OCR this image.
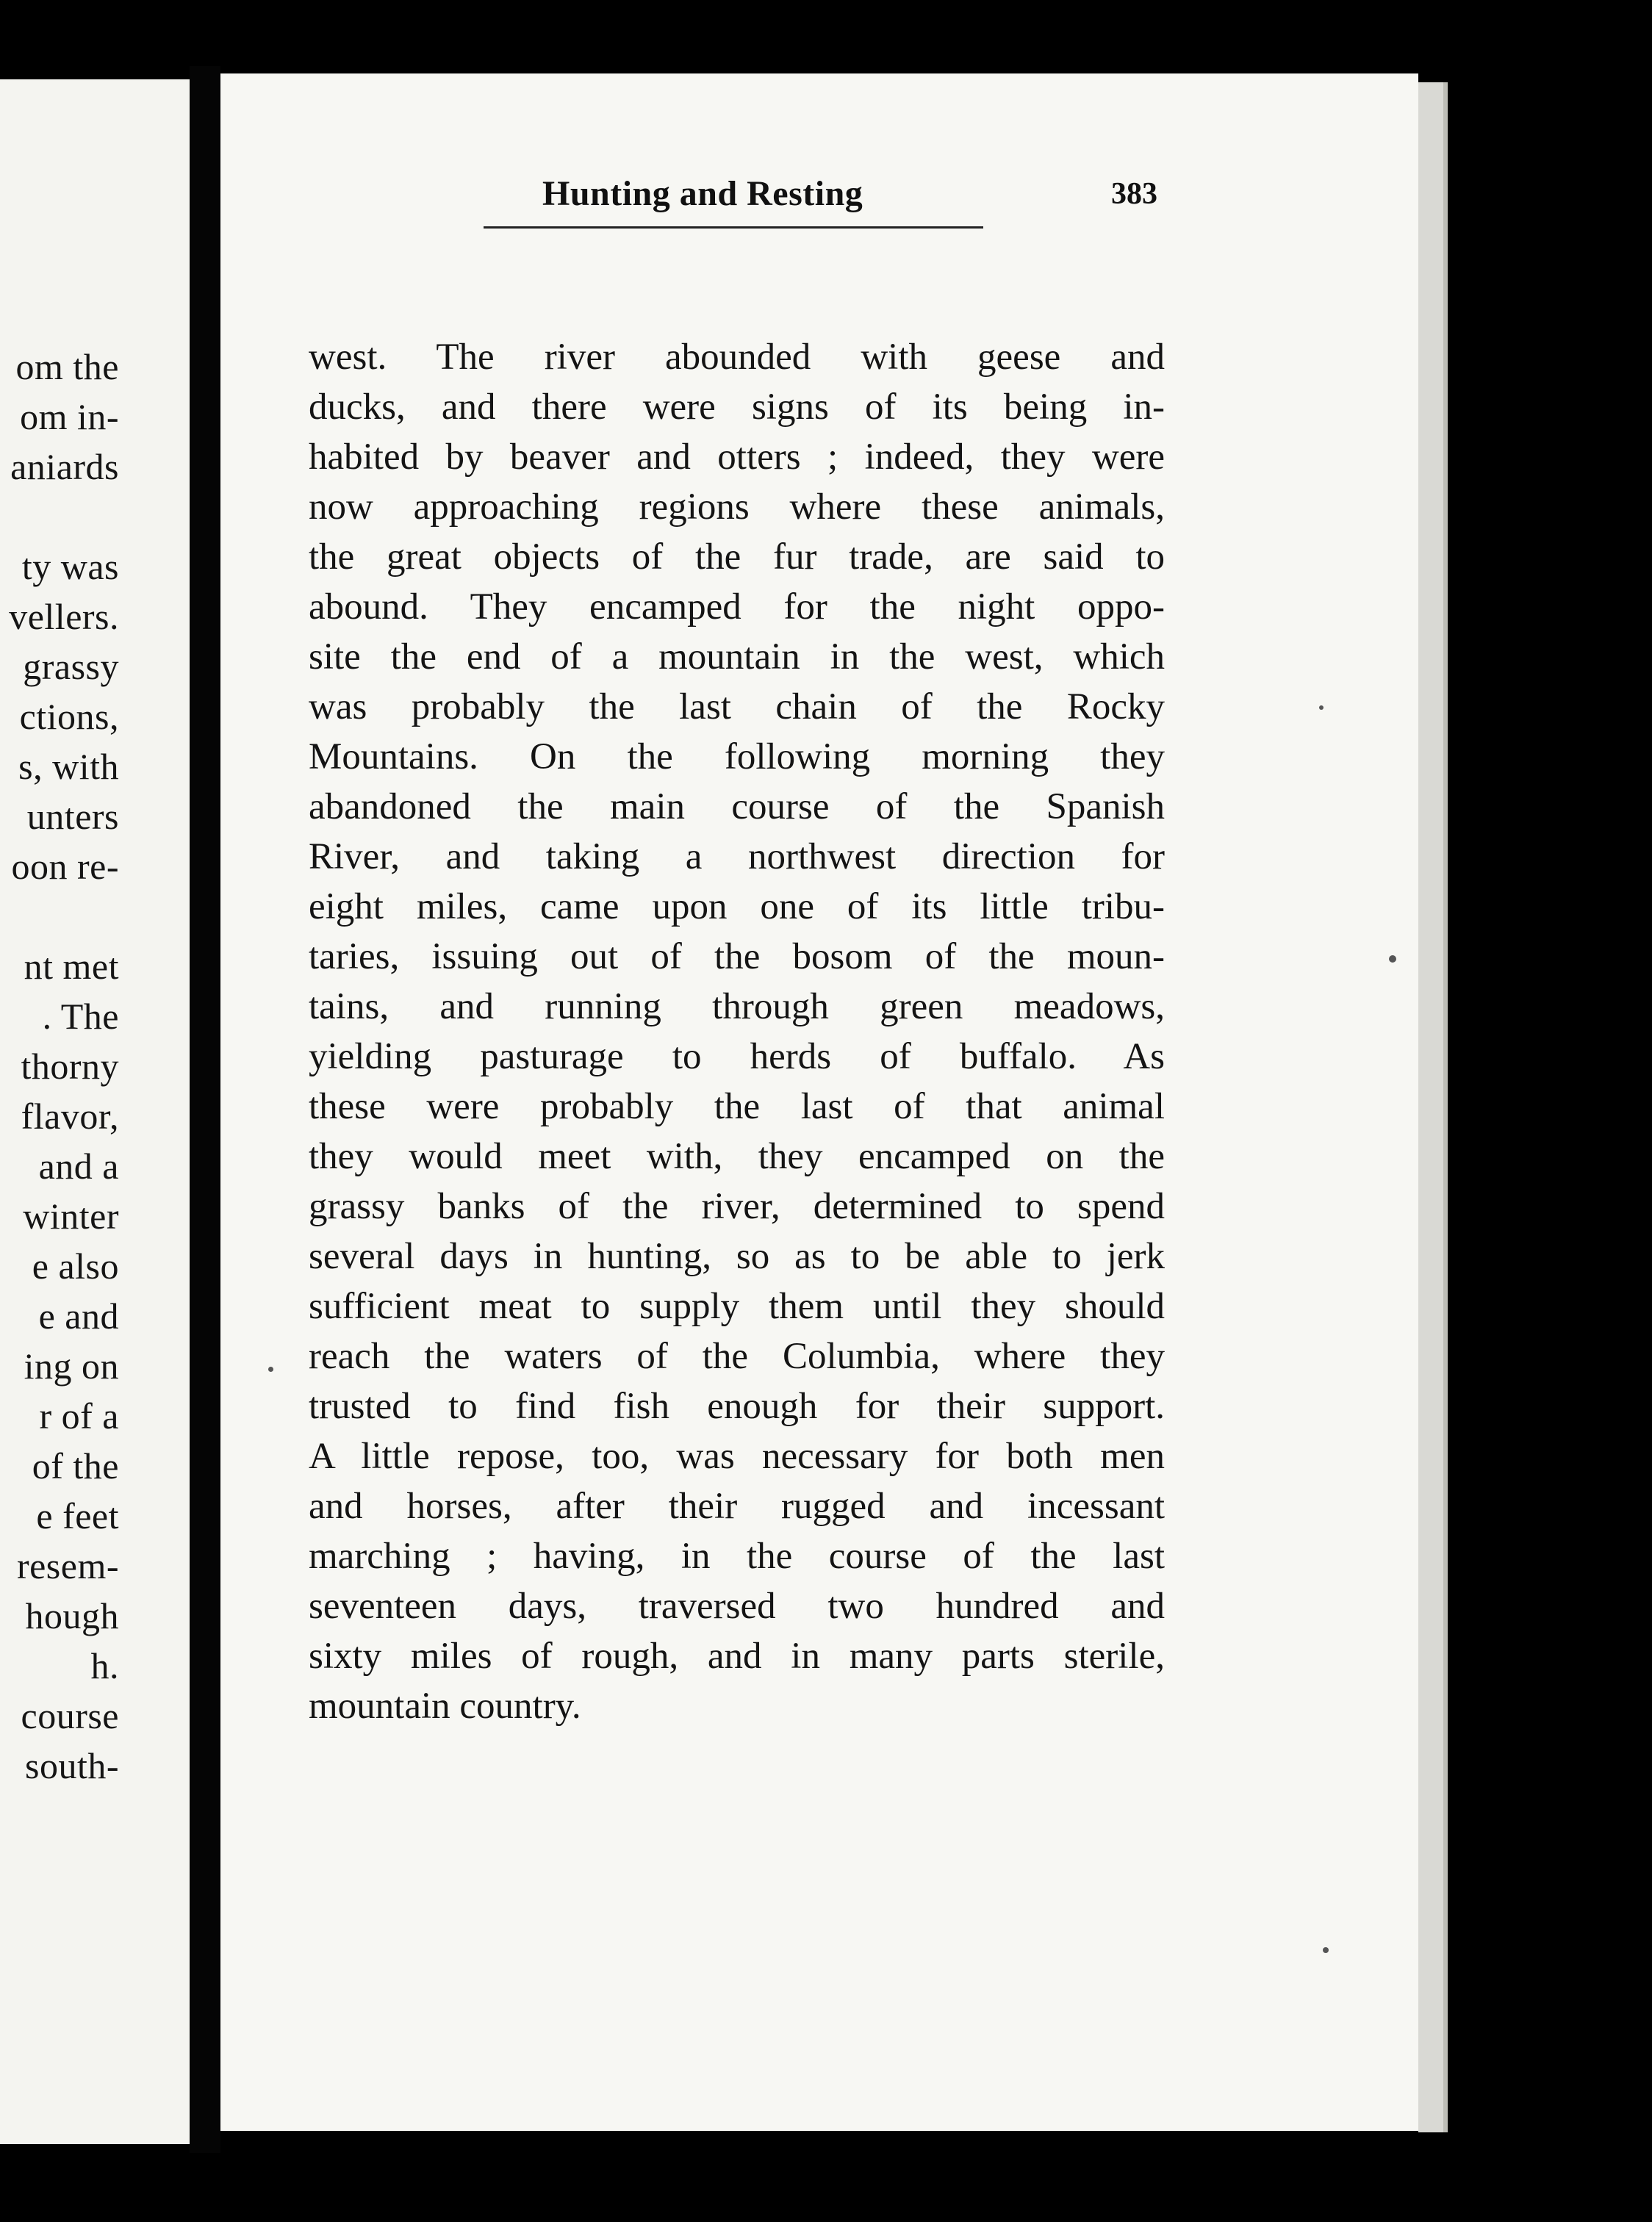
om the
om in-
aniards
ty was
vellers.
grassy
ctions,
s, with
unters
oon re-
nt met
. The
thorny
flavor,
and a
winter
e also
e and
ing on
r of a
of the
e feet
resem-
hough
h.
course
south-
Hunting and Resting	383
west. The river abounded with geese and
ducks, and there were signs of its being in-
habited by beaver and otters ; indeed, they were
now approaching regions where these animals,
the great objects of the fur trade, are said to
abound. They encamped for the night oppo-
site the end of a mountain in the west, which
was probably the last chain of the Rocky
Mountains. On the following morning they
abandoned the main course of the Spanish
River, and taking a northwest direction for
eight miles, came upon one of its little tribu-
taries, issuing out of the bosom of the moun-
tains, and running through green meadows,
yielding pasturage to herds of buffalo. As
these were probably the last of that animal
they would meet with, they encamped on the
grassy banks of the river, determined to spend
several days in hunting, so as to be able to jerk
sufficient meat to supply them until they should
reach the waters of the Columbia, where they
trusted to find fish enough for their support.
A little repose, too, was necessary for both men
and horses, after their rugged and incessant
marching ; having, in the course of the last
seventeen days, traversed two hundred and
sixty miles of rough, and in many parts sterile,
mountain country.
